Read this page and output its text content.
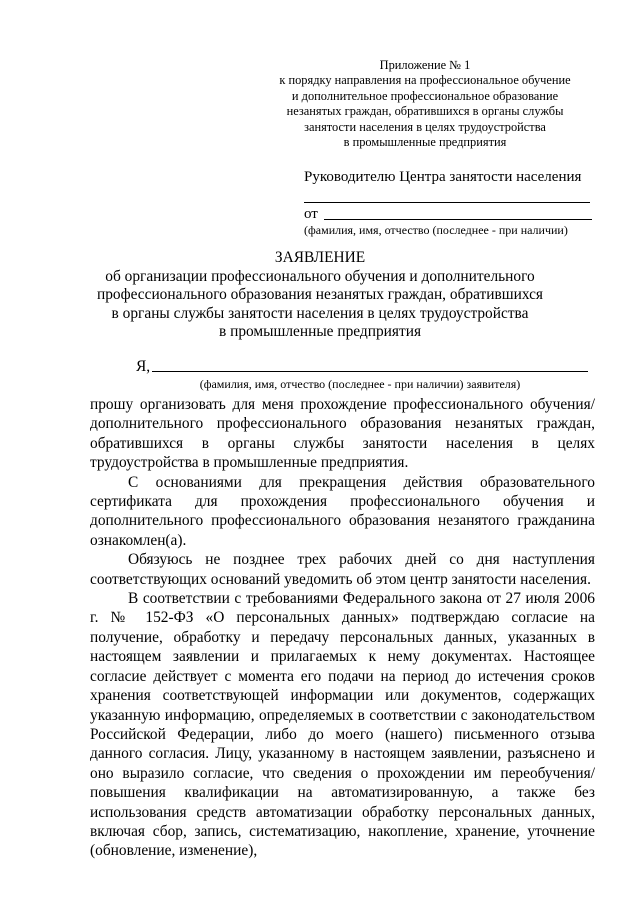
Приложение № 1
к порядку направления на профессиональное обучение
и дополнительное профессиональное образование
незанятых граждан, обратившихся в органы службы
занятости населения в целях трудоустройства
в промышленные предприятия
Руководителю Центра занятости населения
от
(фамилия, имя, отчество (последнее - при наличии)
ЗАЯВЛЕНИЕ
об организации профессионального обучения и дополнительного
профессионального образования незанятых граждан, обратившихся
в органы службы занятости населения в целях трудоустройства
в промышленные предприятия
Я,
(фамилия, имя, отчество (последнее - при наличии) заявителя)

прошу организовать для меня прохождение профессионального обучения/дополнительного профессионального образования незанятых граждан, обратившихся в органы службы занятости населения в целях трудоустройства в промышленные предприятия.

С основаниями для прекращения действия образовательного сертификата для прохождения профессионального обучения и дополнительного профессионального образования незанятого гражданина ознакомлен(а).

Обязуюсь не позднее трех рабочих дней со дня наступления соответствующих оснований уведомить об этом центр занятости населения.

В соответствии с требованиями Федерального закона от 27 июля 2006 г. № 152-ФЗ «О персональных данных» подтверждаю согласие на получение, обработку и передачу персональных данных, указанных в настоящем заявлении и прилагаемых к нему документах. Настоящее согласие действует с момента его подачи на период до истечения сроков хранения соответствующей информации или документов, содержащих указанную информацию, определяемых в соответствии с законодательством Российской Федерации, либо до моего (нашего) письменного отзыва данного согласия. Лицу, указанному в настоящем заявлении, разъяснено и оно выразило согласие, что сведения о прохождении им переобучения/повышения квалификации на автоматизированную, а также без использования средств автоматизации обработку персональных данных, включая сбор, запись, систематизацию, накопление, хранение, уточнение (обновление, изменение),
